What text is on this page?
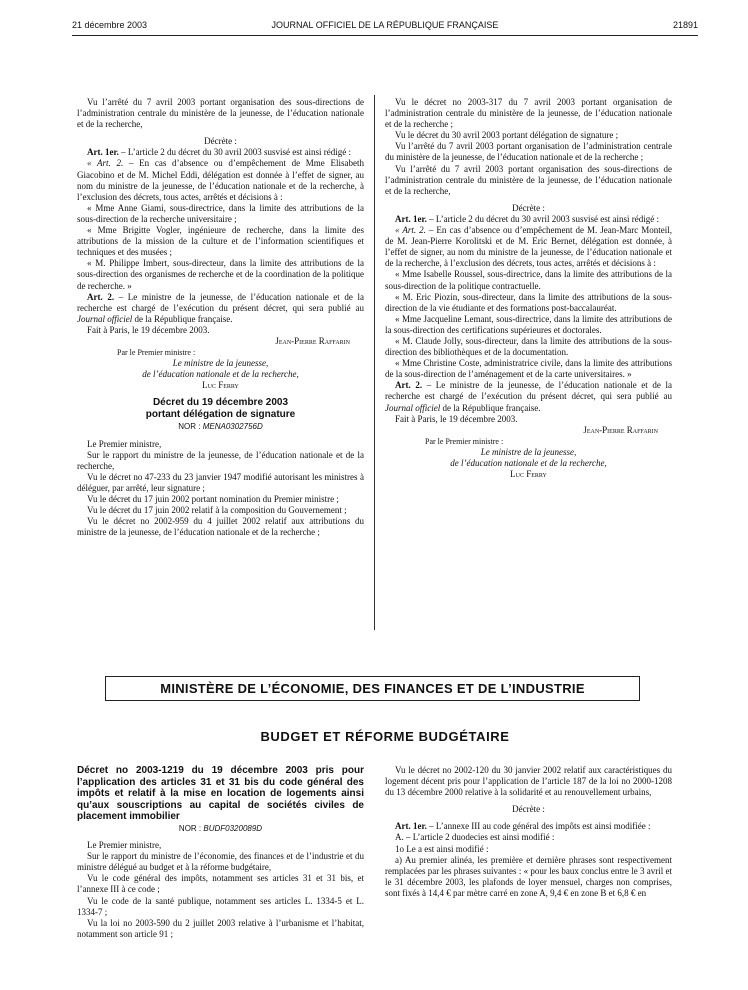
21 décembre 2003	JOURNAL OFFICIEL DE LA RÉPUBLIQUE FRANÇAISE	21891

Vu l’arrêté du 7 avril 2003 portant organisation des sous-directions de l’administration centrale du ministère de la jeunesse, de l’éducation nationale et de la recherche,

Décrète :

Art. 1er. – L’article 2 du décret du 30 avril 2003 susvisé est ainsi rédigé :

« Art. 2. – En cas d’absence ou d’empêchement de Mme Elisabeth Giacobino et de M. Michel Eddi, délégation est donnée à l’effet de signer, au nom du ministre de la jeunesse, de l’éducation nationale et de la recherche, à l’exclusion des décrets, tous actes, arrêtés et décisions à :

« Mme Anne Giami, sous-directrice, dans la limite des attributions de la sous-direction de la recherche universitaire ;

« Mme Brigitte Vogler, ingénieure de recherche, dans la limite des attributions de la mission de la culture et de l’information scientifiques et techniques et des musées ;

« M. Philippe Imbert, sous-directeur, dans la limite des attributions de la sous-direction des organismes de recherche et de la coordination de la politique de recherche. »

Art. 2. – Le ministre de la jeunesse, de l’éducation nationale et de la recherche est chargé de l’exécution du présent décret, qui sera publié au Journal officiel de la République française.

Fait à Paris, le 19 décembre 2003.

Jean-Pierre Raffarin

Par le Premier ministre :

Le ministre de la jeunesse,

de l’éducation nationale et de la recherche,

Luc Ferry

Décret du 19 décembre 2003

portant délégation de signature

NOR : MENA0302756D

Le Premier ministre,

Sur le rapport du ministre de la jeunesse, de l’éducation nationale et de la recherche,

Vu le décret no 47-233 du 23 janvier 1947 modifié autorisant les ministres à déléguer, par arrêté, leur signature ;

Vu le décret du 17 juin 2002 portant nomination du Premier ministre ;

Vu le décret du 17 juin 2002 relatif à la composition du Gouvernement ;

Vu le décret no 2002-959 du 4 juillet 2002 relatif aux attributions du ministre de la jeunesse, de l’éducation nationale et de la recherche ;

Vu le décret no 2003-317 du 7 avril 2003 portant organisation de l’administration centrale du ministère de la jeunesse, de l’éducation nationale et de la recherche ;

Vu le décret du 30 avril 2003 portant délégation de signature ;

Vu l’arrêté du 7 avril 2003 portant organisation de l’administration centrale du ministère de la jeunesse, de l’éducation nationale et de la recherche ;

Vu l’arrêté du 7 avril 2003 portant organisation des sous-directions de l’administration centrale du ministère de la jeunesse, de l’éducation nationale et de la recherche,

Décrète :

Art. 1er. – L’article 2 du décret du 30 avril 2003 susvisé est ainsi rédigé :

« Art. 2. – En cas d’absence ou d’empêchement de M. Jean-Marc Monteil, de M. Jean-Pierre Korolitski et de M. Eric Bernet, délégation est donnée, à l’effet de signer, au nom du ministre de la jeunesse, de l’éducation nationale et de la recherche, à l’exclusion des décrets, tous actes, arrêtés et décisions à :

« Mme Isabelle Roussel, sous-directrice, dans la limite des attributions de la sous-direction de la politique contractuelle.

« M. Eric Piozin, sous-directeur, dans la limite des attributions de la sous-direction de la vie étudiante et des formations post-baccalauréat.

« Mme Jacqueline Lemant, sous-directrice, dans la limite des attributions de la sous-direction des certifications supérieures et doctorales.

« M. Claude Jolly, sous-directeur, dans la limite des attributions de la sous-direction des bibliothèques et de la documentation.

« Mme Christine Coste, administratrice civile, dans la limite des attributions de la sous-direction de l’aménagement et de la carte universitaires. »

Art. 2. – Le ministre de la jeunesse, de l’éducation nationale et de la recherche est chargé de l’exécution du présent décret, qui sera publié au Journal officiel de la République française.

Fait à Paris, le 19 décembre 2003.

Jean-Pierre Raffarin

Par le Premier ministre :

Le ministre de la jeunesse,

de l’éducation nationale et de la recherche,

Luc Ferry

MINISTÈRE DE L’ÉCONOMIE, DES FINANCES ET DE L’INDUSTRIE
BUDGET ET RÉFORME BUDGÉTAIRE

Décret no 2003-1219 du 19 décembre 2003 pris pour l’application des articles 31 et 31 bis du code général des impôts et relatif à la mise en location de logements ainsi qu’aux souscriptions au capital de sociétés civiles de placement immobilier

NOR : BUDF0320089D

Le Premier ministre,

Sur le rapport du ministre de l’économie, des finances et de l’industrie et du ministre délégué au budget et à la réforme budgétaire,

Vu le code général des impôts, notamment ses articles 31 et 31 bis, et l’annexe III à ce code ;

Vu le code de la santé publique, notamment ses articles L. 1334-5 et L. 1334-7 ;

Vu la loi no 2003-590 du 2 juillet 2003 relative à l’urbanisme et l’habitat, notamment son article 91 ;

Vu le décret no 2002-120 du 30 janvier 2002 relatif aux caractéristiques du logement décent pris pour l’application de l’article 187 de la loi no 2000-1208 du 13 décembre 2000 relative à la solidarité et au renouvellement urbains,

Décrète :

Art. 1er. – L’annexe III au code général des impôts est ainsi modifiée :

A. – L’article 2 duodecies est ainsi modifié :

1o Le a est ainsi modifié :

a) Au premier alinéa, les première et dernière phrases sont respectivement remplacées par les phrases suivantes : « pour les baux conclus entre le 3 avril et le 31 décembre 2003, les plafonds de loyer mensuel, charges non comprises, sont fixés à 14,4 € par mètre carré en zone A, 9,4 € en zone B et 6,8 € en
